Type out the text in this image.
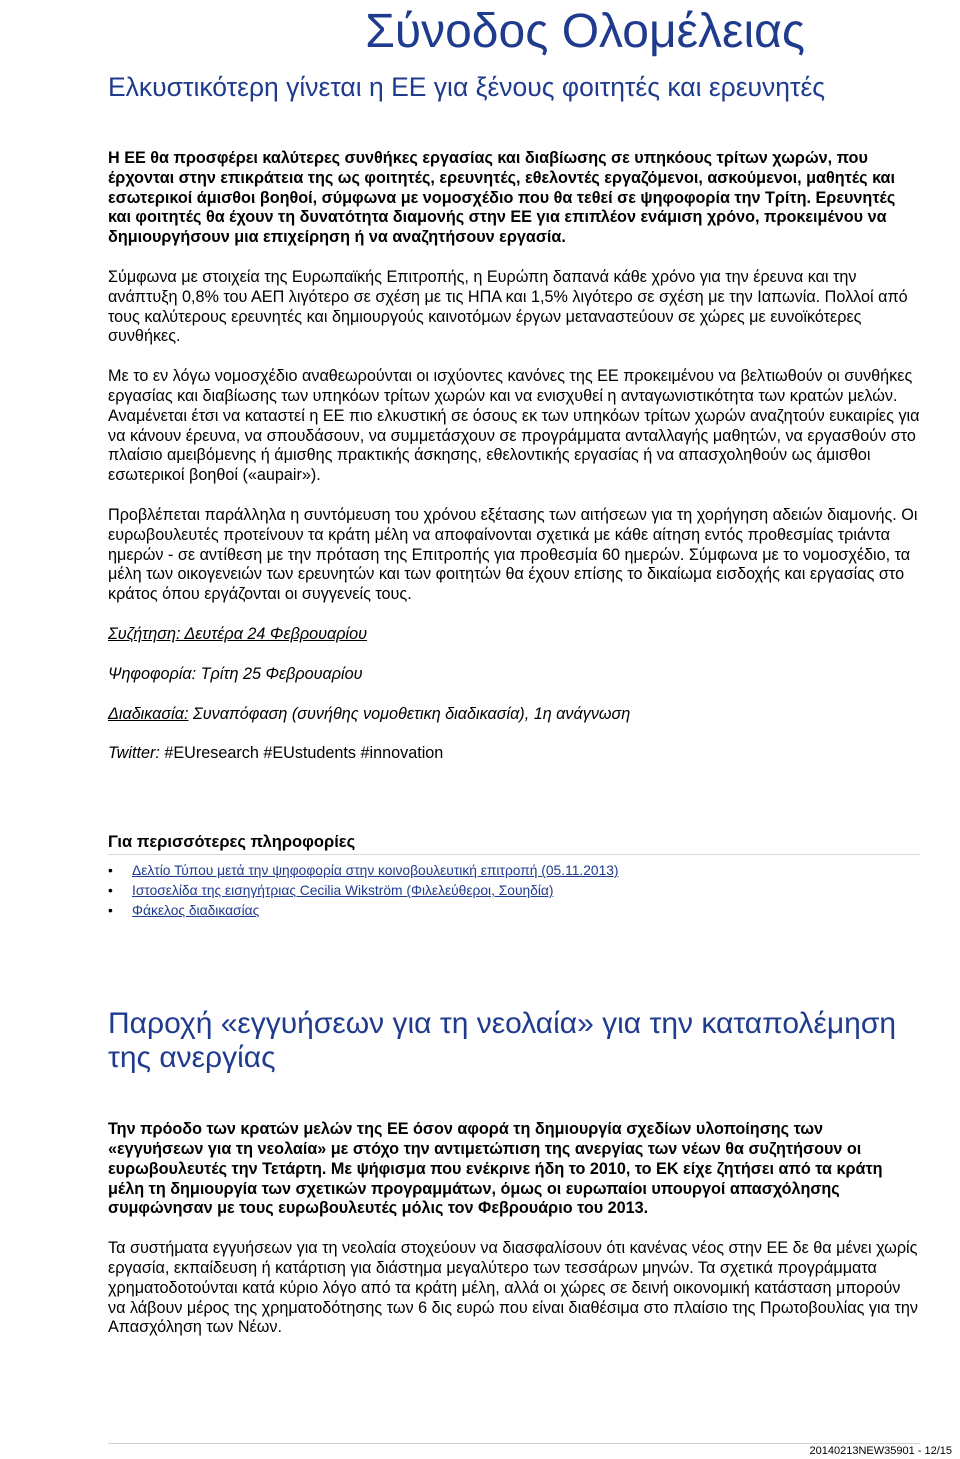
Σύνοδος Ολομέλειας
Ελκυστικότερη γίνεται η ΕΕ για ξένους φοιτητές και ερευνητές

Η ΕΕ θα προσφέρει καλύτερες συνθήκες εργασίας και διαβίωσης σε υπηκόους τρίτων χωρών, που έρχονται στην επικράτεια της ως φοιτητές, ερευνητές, εθελοντές εργαζόμενοι, ασκούμενοι, μαθητές και εσωτερικοί άμισθοι βοηθοί, σύμφωνα με νομοσχέδιο που θα τεθεί σε ψηφοφορία την Τρίτη. Ερευνητές και φοιτητές θα έχουν τη δυνατότητα διαμονής στην ΕΕ για επιπλέον ενάμιση χρόνο, προκειμένου να δημιουργήσουν μια επιχείρηση ή να αναζητήσουν εργασία.

Σύμφωνα με στοιχεία της Ευρωπαϊκής Επιτροπής, η Ευρώπη δαπανά κάθε χρόνο για την έρευνα και την ανάπτυξη 0,8% του ΑΕΠ λιγότερο σε σχέση με τις ΗΠΑ και 1,5% λιγότερο σε σχέση με την Ιαπωνία. Πολλοί από τους καλύτερους ερευνητές και δημιουργούς καινοτόμων έργων μεταναστεύουν σε χώρες με ευνοϊκότερες συνθήκες.

Με το εν λόγω νομοσχέδιο αναθεωρούνται οι ισχύοντες κανόνες της ΕΕ προκειμένου να βελτιωθούν οι συνθήκες εργασίας και διαβίωσης των υπηκόων τρίτων χωρών και να ενισχυθεί η ανταγωνιστικότητα των κρατών μελών. Αναμένεται έτσι να καταστεί η ΕΕ πιο ελκυστική σε όσους εκ των υπηκόων τρίτων χωρών αναζητούν ευκαιρίες για να κάνουν έρευνα, να σπουδάσουν, να συμμετάσχουν σε προγράμματα ανταλλαγής μαθητών, να εργασθούν στο πλαίσιο αμειβόμενης ή άμισθης πρακτικής άσκησης, εθελοντικής εργασίας ή να απασχοληθούν ως άμισθοι εσωτερικοί βοηθοί («aupair»).

Προβλέπεται παράλληλα η συντόμευση του χρόνου εξέτασης των αιτήσεων για τη χορήγηση αδειών διαμονής. Οι ευρωβουλευτές προτείνουν τα κράτη μέλη να αποφαίνονται σχετικά με κάθε αίτηση εντός προθεσμίας τριάντα ημερών - σε αντίθεση με την πρόταση της Επιτροπής για προθεσμία 60 ημερών. Σύμφωνα με το νομοσχέδιο, τα μέλη των οικογενειών των ερευνητών και των φοιτητών θα έχουν επίσης το δικαίωμα εισδοχής και εργασίας στο κράτος όπου εργάζονται οι συγγενείς τους.

Συζήτηση: Δευτέρα 24 Φεβρουαρίου

Ψηφοφορία: Τρίτη 25 Φεβρουαρίου

Διαδικασία: Συναπόφαση (συνήθης νομοθετικη διαδικασία), 1η ανάγνωση

Twitter: #EUresearch #EUstudents #innovation

Για περισσότερες πληροφορίες
• Δελτίο Τύπου μετά την ψηφοφορία στην κοινοβουλευτική επιτροπή (05.11.2013)
• Ιστοσελίδα της εισηγήτριας Cecilia Wikström (Φιλελεύθεροι, Σουηδία)
• Φάκελος διαδικασίας
Παροχή «εγγυήσεων για τη νεολαία» για την καταπολέμηση της ανεργίας

Την πρόοδο των κρατών μελών της ΕΕ όσον αφορά τη δημιουργία σχεδίων υλοποίησης των «εγγυήσεων για τη νεολαία» με στόχο την αντιμετώπιση της ανεργίας των νέων θα συζητήσουν οι ευρωβουλευτές την Τετάρτη. Με ψήφισμα που ενέκρινε ήδη το 2010, το ΕΚ είχε ζητήσει από τα κράτη μέλη τη δημιουργία των σχετικών προγραμμάτων, όμως οι ευρωπαίοι υπουργοί απασχόλησης συμφώνησαν με τους ευρωβουλευτές μόλις τον Φεβρουάριο του 2013.

Τα συστήματα εγγυήσεων για τη νεολαία στοχεύουν να διασφαλίσουν ότι κανένας νέος στην ΕΕ δε θα μένει χωρίς εργασία, εκπαίδευση ή κατάρτιση για διάστημα μεγαλύτερο των τεσσάρων μηνών. Τα σχετικά προγράμματα χρηματοδοτούνται κατά κύριο λόγο από τα κράτη μέλη, αλλά οι χώρες σε δεινή οικονομική κατάσταση μπορούν να λάβουν μέρος της χρηματοδότησης των 6 δις ευρώ που είναι διαθέσιμα στο πλαίσιο της Πρωτοβουλίας για την Απασχόληση των Νέων.

20140213NEW35901 - 12/15
